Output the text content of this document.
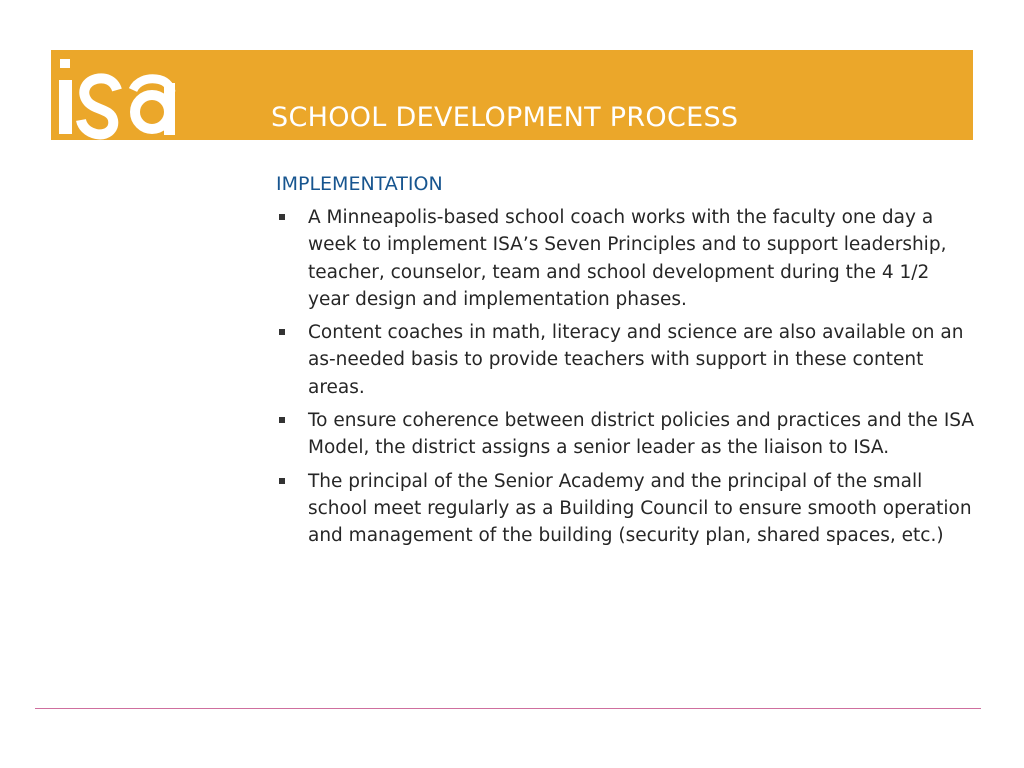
SCHOOL DEVELOPMENT PROCESS
IMPLEMENTATION
A Minneapolis-based school coach works with the faculty one day a week to implement ISA’s Seven Principles and to support leadership, teacher, counselor, team and school development during the 4 1/2 year design and implementation phases.
Content coaches in math, literacy and science are also available on an as-needed basis to provide teachers with support in these content areas.
To ensure coherence between district policies and practices and the ISA Model, the district assigns a senior leader as the liaison to ISA.
The principal of the Senior Academy and the principal of the small school meet regularly as a Building Council to ensure smooth operation and management of the building (security plan, shared spaces, etc.)
